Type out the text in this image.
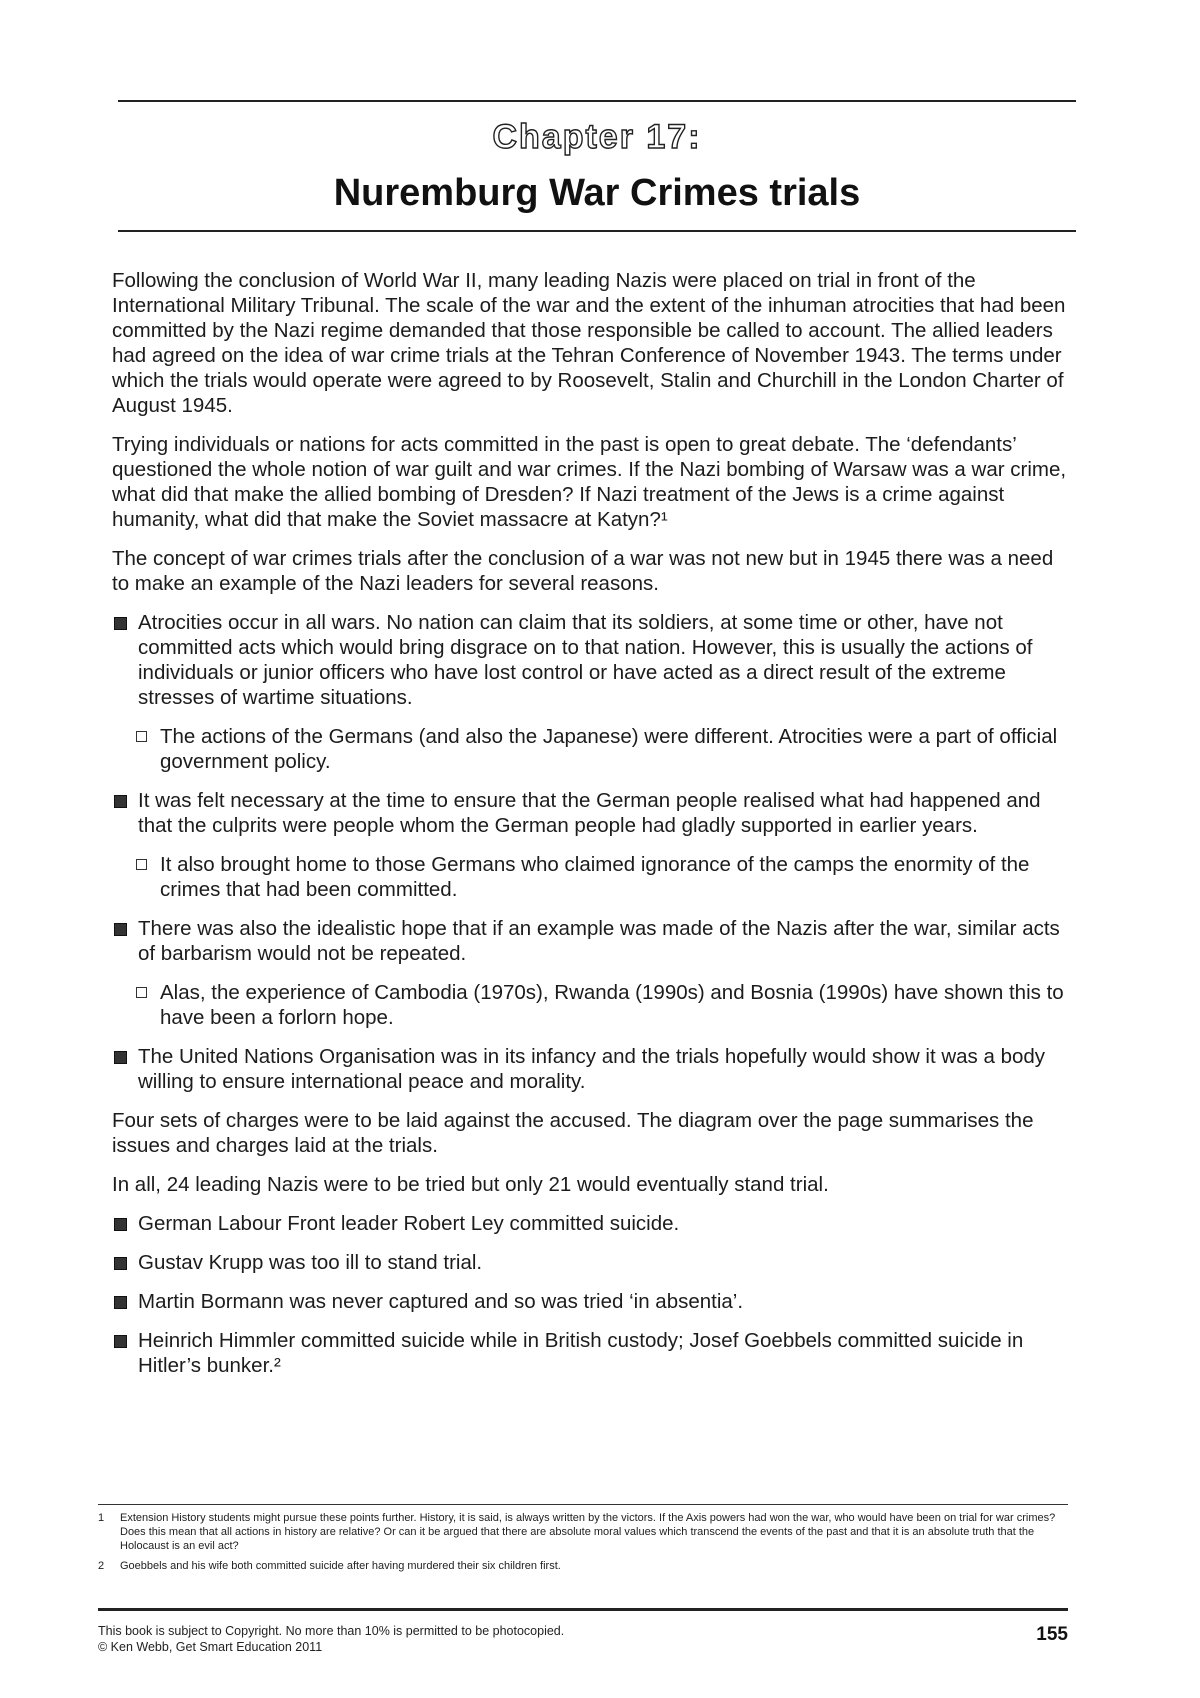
Chapter 17:
Nuremburg War Crimes trials

Following the conclusion of World War II, many leading Nazis were placed on trial in front of the International Military Tribunal. The scale of the war and the extent of the inhuman atrocities that had been committed by the Nazi regime demanded that those responsible be called to account. The allied leaders had agreed on the idea of war crime trials at the Tehran Conference of November 1943. The terms under which the trials would operate were agreed to by Roosevelt, Stalin and Churchill in the London Charter of August 1945.

Trying individuals or nations for acts committed in the past is open to great debate. The ‘defendants’ questioned the whole notion of war guilt and war crimes. If the Nazi bombing of Warsaw was a war crime, what did that make the allied bombing of Dresden? If Nazi treatment of the Jews is a crime against humanity, what did that make the Soviet massacre at Katyn?¹

The concept of war crimes trials after the conclusion of a war was not new but in 1945 there was a need to make an example of the Nazi leaders for several reasons.

Atrocities occur in all wars. No nation can claim that its soldiers, at some time or other, have not committed acts which would bring disgrace on to that nation. However, this is usually the actions of individuals or junior officers who have lost control or have acted as a direct result of the extreme stresses of wartime situations.
The actions of the Germans (and also the Japanese) were different. Atrocities were a part of official government policy.
It was felt necessary at the time to ensure that the German people realised what had happened and that the culprits were people whom the German people had gladly supported in earlier years.
It also brought home to those Germans who claimed ignorance of the camps the enormity of the crimes that had been committed.
There was also the idealistic hope that if an example was made of the Nazis after the war, similar acts of barbarism would not be repeated.
Alas, the experience of Cambodia (1970s), Rwanda (1990s) and Bosnia (1990s) have shown this to have been a forlorn hope.
The United Nations Organisation was in its infancy and the trials hopefully would show it was a body willing to ensure international peace and morality.

Four sets of charges were to be laid against the accused. The diagram over the page summarises the issues and charges laid at the trials.

In all, 24 leading Nazis were to be tried but only 21 would eventually stand trial.

German Labour Front leader Robert Ley committed suicide.
Gustav Krupp was too ill to stand trial.
Martin Bormann was never captured and so was tried ‘in absentia’.
Heinrich Himmler committed suicide while in British custody; Josef Goebbels committed suicide in Hitler’s bunker.²
1 Extension History students might pursue these points further. History, it is said, is always written by the victors. If the Axis powers had won the war, who would have been on trial for war crimes? Does this mean that all actions in history are relative? Or can it be argued that there are absolute moral values which transcend the events of the past and that it is an absolute truth that the Holocaust is an evil act?
2 Goebbels and his wife both committed suicide after having murdered their six children first.
This book is subject to Copyright. No more than 10% is permitted to be photocopied.
© Ken Webb, Get Smart Education 2011
155
